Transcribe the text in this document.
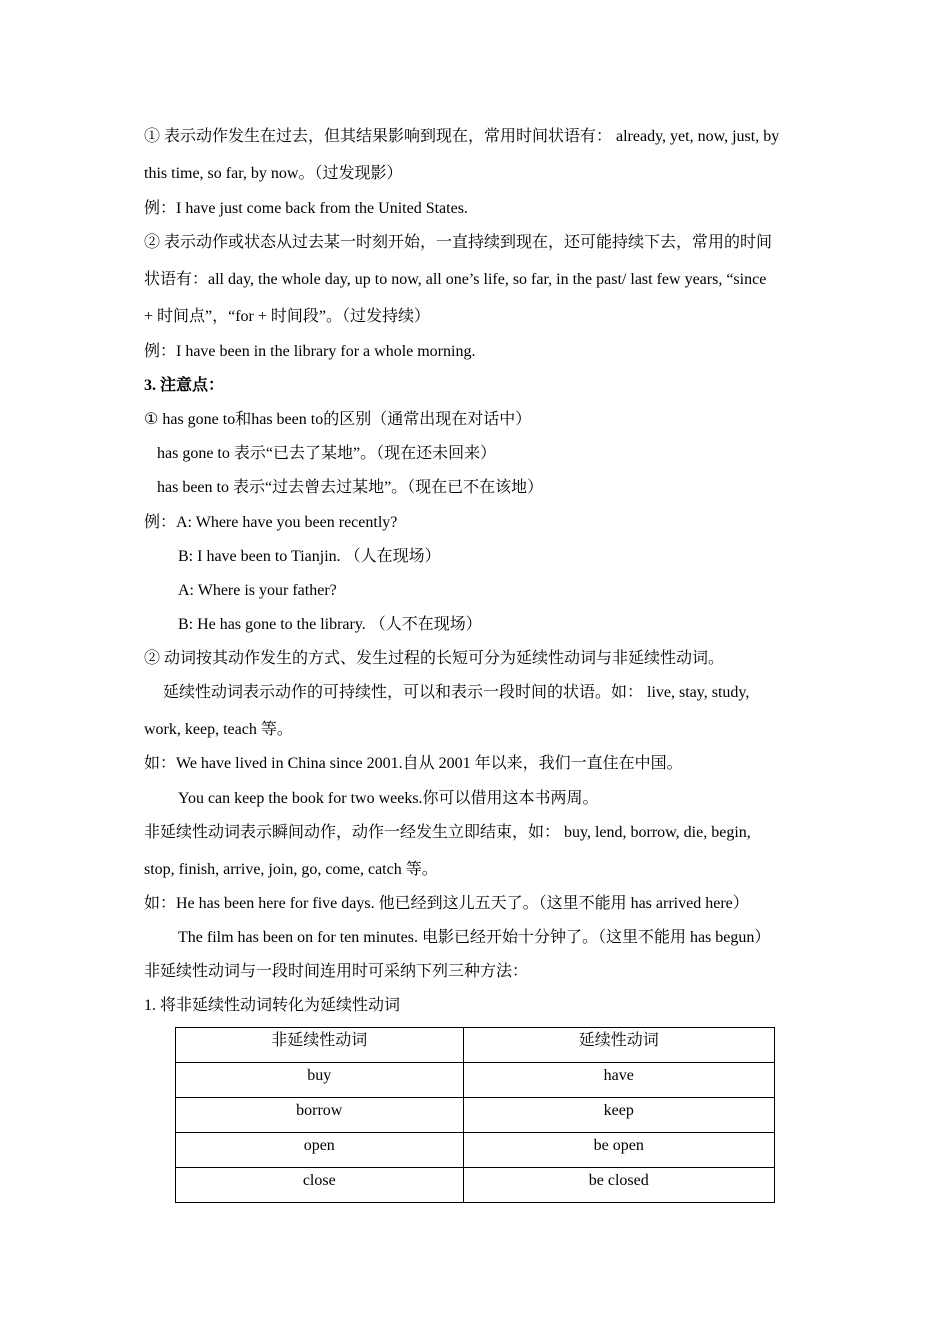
① 表示动作发生在过去，但其结果影响到现在，常用时间状语有： already, yet, now, just, by
this time, so far, by now。（过发现影）
例：I have just come back from the United States.
② 表示动作或状态从过去某一时刻开始，一直持续到现在，还可能持续下去，常用的时间
状语有：all day, the whole day, up to now, all one’s life, so far, in the past/ last few years, “since
+ 时间点”，“for + 时间段”。（过发持续）
例：I have been in the library for a whole morning.
3. 注意点：
① has gone to和has been to的区别（通常出现在对话中）
has gone to 表示“已去了某地”。（现在还未回来）
has been to 表示“过去曾去过某地”。（现在已不在该地）
例：A: Where have you been recently?
B: I have been to Tianjin. （人在现场）
A: Where is your father?
B: He has gone to the library. （人不在现场）
② 动词按其动作发生的方式、发生过程的长短可分为延续性动词与非延续性动词。
延续性动词表示动作的可持续性，可以和表示一段时间的状语。如： live, stay, study,
work, keep, teach 等。
如：We have lived in China since 2001.自从 2001 年以来，我们一直住在中国。
You can keep the book for two weeks.你可以借用这本书两周。
非延续性动词表示瞬间动作，动作一经发生立即结束，如： buy, lend, borrow, die, begin,
stop, finish, arrive, join, go, come, catch 等。
如：He has been here for five days. 他已经到这儿五天了。（这里不能用 has arrived here）
The film has been on for ten minutes. 电影已经开始十分钟了。（这里不能用 has begun）
非延续性动词与一段时间连用时可采纳下列三种方法：
1. 将非延续性动词转化为延续性动词
非延续性动词	延续性动词
buy	have
borrow	keep
open	be open
close	be closed
